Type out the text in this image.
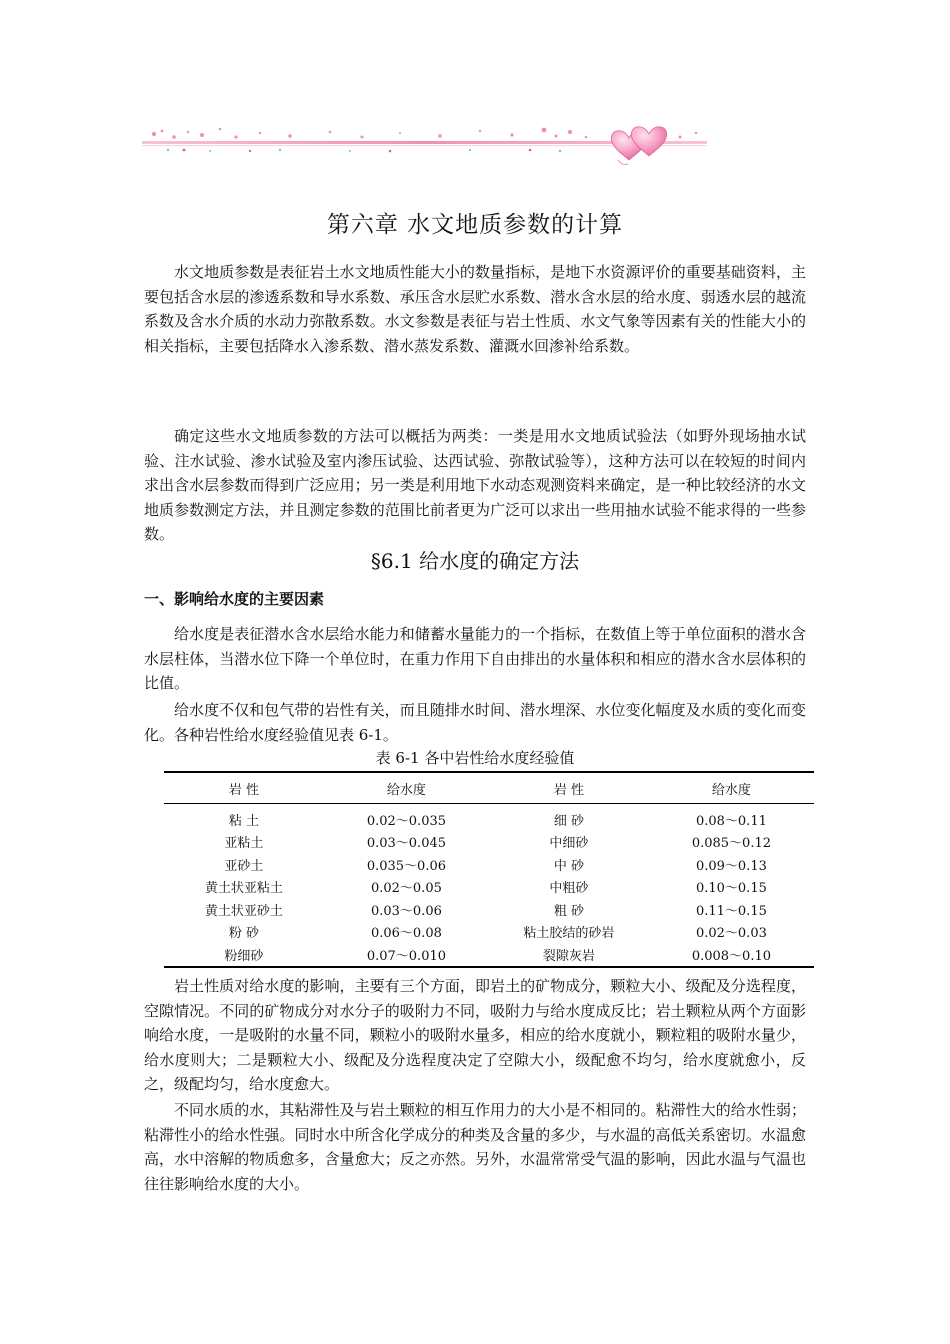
第六章 水文地质参数的计算

水文地质参数是表征岩土水文地质性能大小的数量指标，是地下水资源评价的重要基础资料，主要包括含水层的渗透系数和导水系数、承压含水层贮水系数、潜水含水层的给水度、弱透水层的越流系数及含水介质的水动力弥散系数。水文参数是表征与岩土性质、水文气象等因素有关的性能大小的相关指标，主要包括降水入渗系数、潜水蒸发系数、灌溉水回渗补给系数。

确定这些水文地质参数的方法可以概括为两类：一类是用水文地质试验法（如野外现场抽水试验、注水试验、渗水试验及室内渗压试验、达西试验、弥散试验等），这种方法可以在较短的时间内求出含水层参数而得到广泛应用；另一类是利用地下水动态观测资料来确定，是一种比较经济的水文地质参数测定方法，并且测定参数的范围比前者更为广泛可以求出一些用抽水试验不能求得的一些参数。

§6.1 给水度的确定方法
一、影响给水度的主要因素

给水度是表征潜水含水层给水能力和储蓄水量能力的一个指标，在数值上等于单位面积的潜水含水层柱体，当潜水位下降一个单位时，在重力作用下自由排出的水量体积和相应的潜水含水层体积的比值。

给水度不仅和包气带的岩性有关，而且随排水时间、潜水埋深、水位变化幅度及水质的变化而变化。各种岩性给水度经验值见表 6-1。

表 6-1 各中岩性给水度经验值

岩 性	给水度	岩 性	给水度
粘 土	0.02～0.035	细 砂	0.08～0.11
亚粘土	0.03～0.045	中细砂	0.085～0.12
亚砂土	0.035～0.06	中 砂	0.09～0.13
黄土状亚粘土	0.02～0.05	中粗砂	0.10～0.15
黄土状亚砂土	0.03～0.06	粗 砂	0.11～0.15
粉 砂	0.06～0.08	粘土胶结的砂岩	0.02～0.03
粉细砂	0.07～0.010	裂隙灰岩	0.008～0.10

岩土性质对给水度的影响，主要有三个方面，即岩土的矿物成分，颗粒大小、级配及分选程度，空隙情况。不同的矿物成分对水分子的吸附力不同，吸附力与给水度成反比；岩土颗粒从两个方面影响给水度，一是吸附的水量不同，颗粒小的吸附水量多，相应的给水度就小，颗粒粗的吸附水量少，给水度则大；二是颗粒大小、级配及分选程度决定了空隙大小，级配愈不均匀，给水度就愈小，反之，级配均匀，给水度愈大。

不同水质的水，其粘滞性及与岩土颗粒的相互作用力的大小是不相同的。粘滞性大的给水性弱；粘滞性小的给水性强。同时水中所含化学成分的种类及含量的多少，与水温的高低关系密切。水温愈高，水中溶解的物质愈多，含量愈大；反之亦然。另外，水温常常受气温的影响，因此水温与气温也往往影响给水度的大小。
